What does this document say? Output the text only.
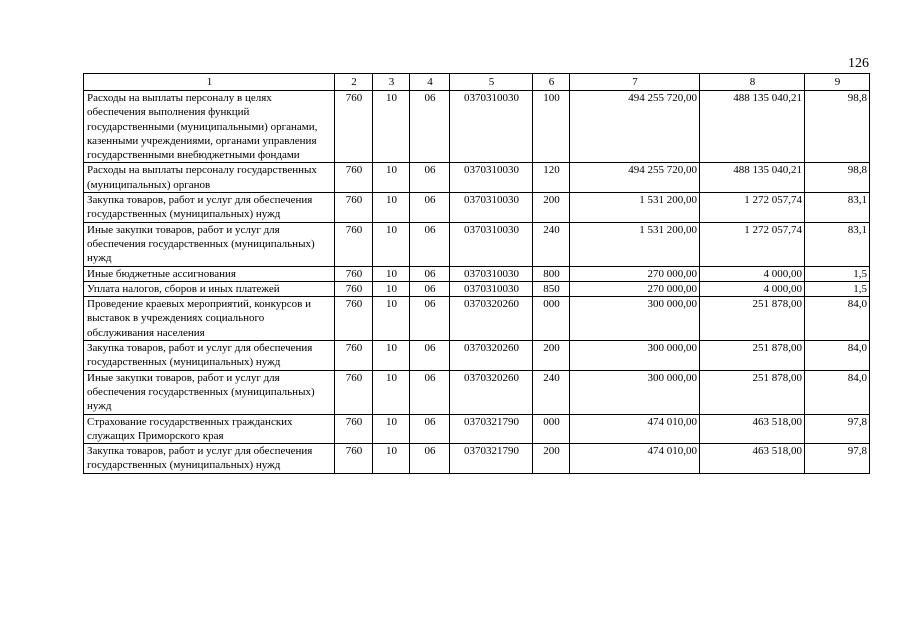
126
1	2	3	4	5	6	7	8	9
Расходы на выплаты персоналу в целях обеспечения выполнения функций государственными (муниципальными) органами, казенными учреждениями, органами управления государственными внебюджетными фондами	760	10	06	0370310030	100	494 255 720,00	488 135 040,21	98,8
Расходы на выплаты персоналу государственных (муниципальных) органов	760	10	06	0370310030	120	494 255 720,00	488 135 040,21	98,8
Закупка товаров, работ и услуг для обеспечения государственных (муниципальных) нужд	760	10	06	0370310030	200	1 531 200,00	1 272 057,74	83,1
Иные закупки товаров, работ и услуг для обеспечения государственных (муниципальных) нужд	760	10	06	0370310030	240	1 531 200,00	1 272 057,74	83,1
Иные бюджетные ассигнования	760	10	06	0370310030	800	270 000,00	4 000,00	1,5
Уплата налогов, сборов и иных платежей	760	10	06	0370310030	850	270 000,00	4 000,00	1,5
Проведение краевых мероприятий, конкурсов и выставок в учреждениях социального обслуживания населения	760	10	06	0370320260	000	300 000,00	251 878,00	84,0
Закупка товаров, работ и услуг для обеспечения государственных (муниципальных) нужд	760	10	06	0370320260	200	300 000,00	251 878,00	84,0
Иные закупки товаров, работ и услуг для обеспечения государственных (муниципальных) нужд	760	10	06	0370320260	240	300 000,00	251 878,00	84,0
Страхование государственных гражданских служащих Приморского края	760	10	06	0370321790	000	474 010,00	463 518,00	97,8
Закупка товаров, работ и услуг для обеспечения государственных (муниципальных) нужд	760	10	06	0370321790	200	474 010,00	463 518,00	97,8
